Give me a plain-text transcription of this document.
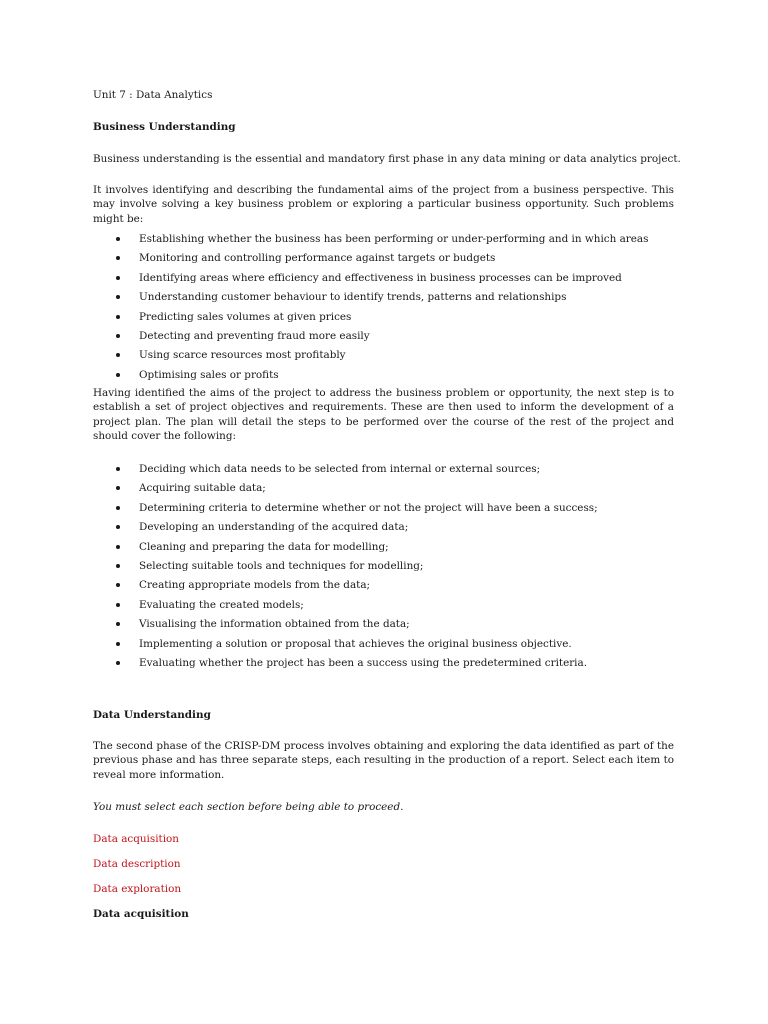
Unit 7 : Data Analytics
Business Understanding
Business understanding is the essential and mandatory first phase in any data mining or data analytics project.
It involves identifying and describing the fundamental aims of the project from a business perspective. This may involve solving a key business problem or exploring a particular business opportunity. Such problems might be:
Establishing whether the business has been performing or under-performing and in which areas
Monitoring and controlling performance against targets or budgets
Identifying areas where efficiency and effectiveness in business processes can be improved
Understanding customer behaviour to identify trends, patterns and relationships
Predicting sales volumes at given prices
Detecting and preventing fraud more easily
Using scarce resources most profitably
Optimising sales or profits
Having identified the aims of the project to address the business problem or opportunity, the next step is to establish a set of project objectives and requirements. These are then used to inform the development of a project plan. The plan will detail the steps to be performed over the course of the rest of the project and should cover the following:
Deciding which data needs to be selected from internal or external sources;
Acquiring suitable data;
Determining criteria to determine whether or not the project will have been a success;
Developing an understanding of the acquired data;
Cleaning and preparing the data for modelling;
Selecting suitable tools and techniques for modelling;
Creating appropriate models from the data;
Evaluating the created models;
Visualising the information obtained from the data;
Implementing a solution or proposal that achieves the original business objective.
Evaluating whether the project has been a success using the predetermined criteria.
Data Understanding
The second phase of the CRISP-DM process involves obtaining and exploring the data identified as part of the previous phase and has three separate steps, each resulting in the production of a report. Select each item to reveal more information.
You must select each section before being able to proceed.
Data acquisition
Data description
Data exploration
Data acquisition
